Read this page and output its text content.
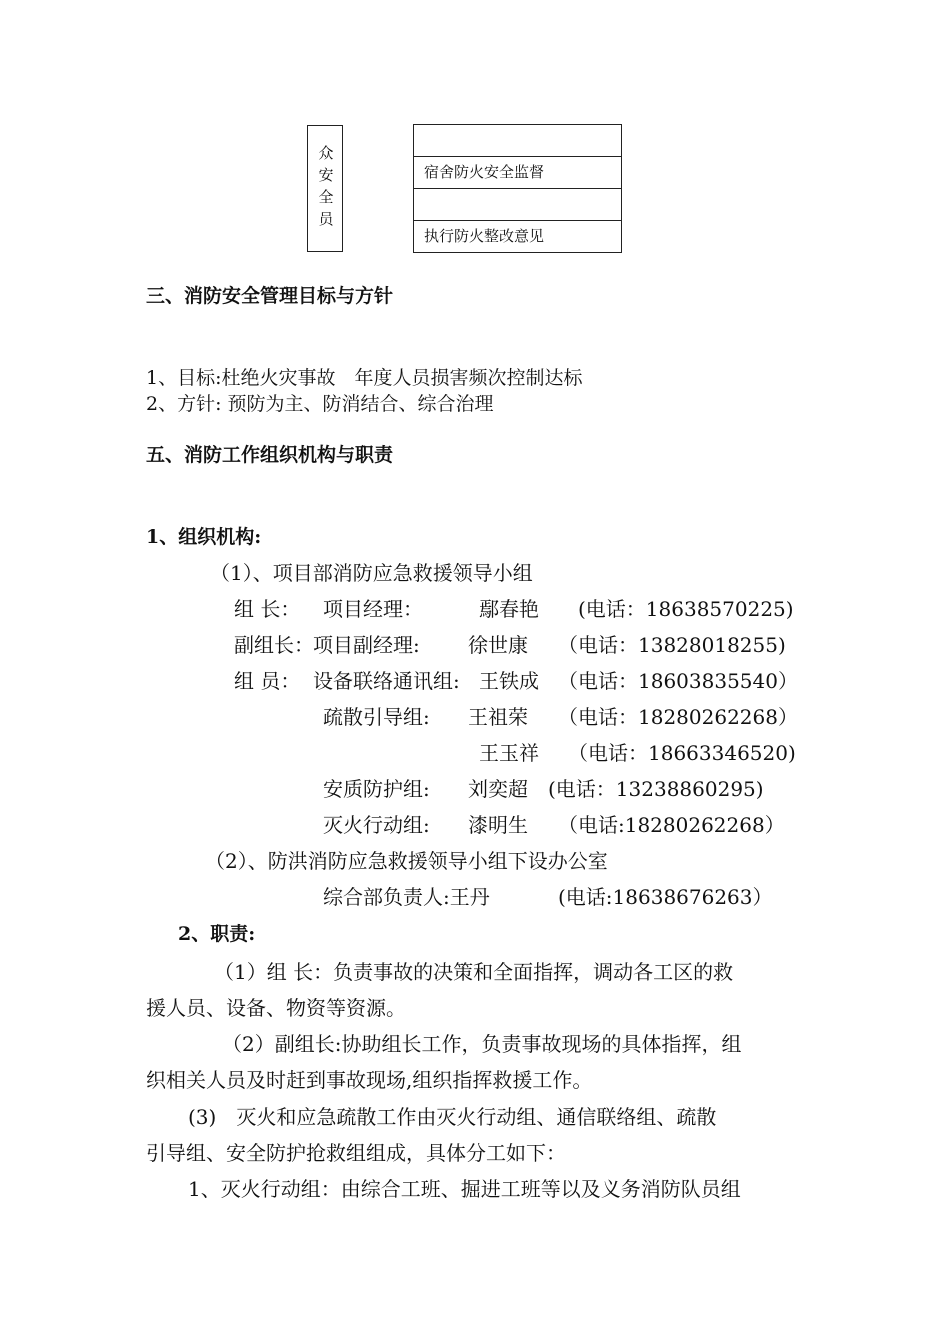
众安全员	宿舍防火安全监督
执行防火整改意见
三、消防安全管理目标与方针
1、目标:杜绝火灾事故　年度人员损害频次控制达标
2、方针: 预防为主、防消结合、综合治理
五、消防工作组织机构与职责
1、组织机构:
（1）、项目部消防应急救援领导小组
组 长： 项目经理：	鄢春艳 (电话：18638570225)
副组长： 项目副经理: 徐世康 （电话：13828018255)
组 员： 设备联络通讯组: 王铁成 （电话：18603835540）
疏散引导组: 王祖荣 （电话：18280262268）
王玉祥 （电话：18663346520)
安质防护组: 刘奕超 (电话：13238860295)
灭火行动组: 漆明生 （电话:18280262268）
（2）、防洪消防应急救援领导小组下设办公室
综合部负责人:王丹	(电话:18638676263）
2、职责:
（1）组 长：负责事故的决策和全面指挥，调动各工区的救
援人员、设备、物资等资源。
（2）副组长:协助组长工作，负责事故现场的具体指挥，组
织相关人员及时赶到事故现场,组织指挥救援工作。
(3)　灭火和应急疏散工作由灭火行动组、通信联络组、疏散
引导组、安全防护抢救组组成，具体分工如下：
1、灭火行动组：由综合工班、掘进工班等以及义务消防队员组
